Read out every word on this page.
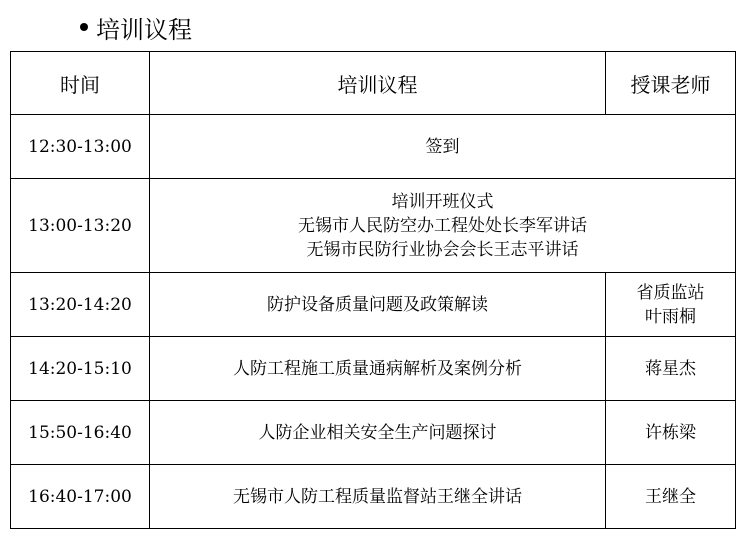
培训议程
时间	培训议程	授课老师
12:30-13:00	签到	

13:00-13:20	培训开班仪式
无锡市人民防空办工程处处长李军讲话
无锡市民防行业协会会长王志平讲话	

13:20-14:20	防护设备质量问题及政策解读	省质监站
叶雨桐

14:20-15:10	人防工程施工质量通病解析及案例分析	蒋星杰

15:50-16:40	人防企业相关安全生产问题探讨	许栋梁

16:40-17:00	无锡市人防工程质量监督站王继全讲话	王继全
